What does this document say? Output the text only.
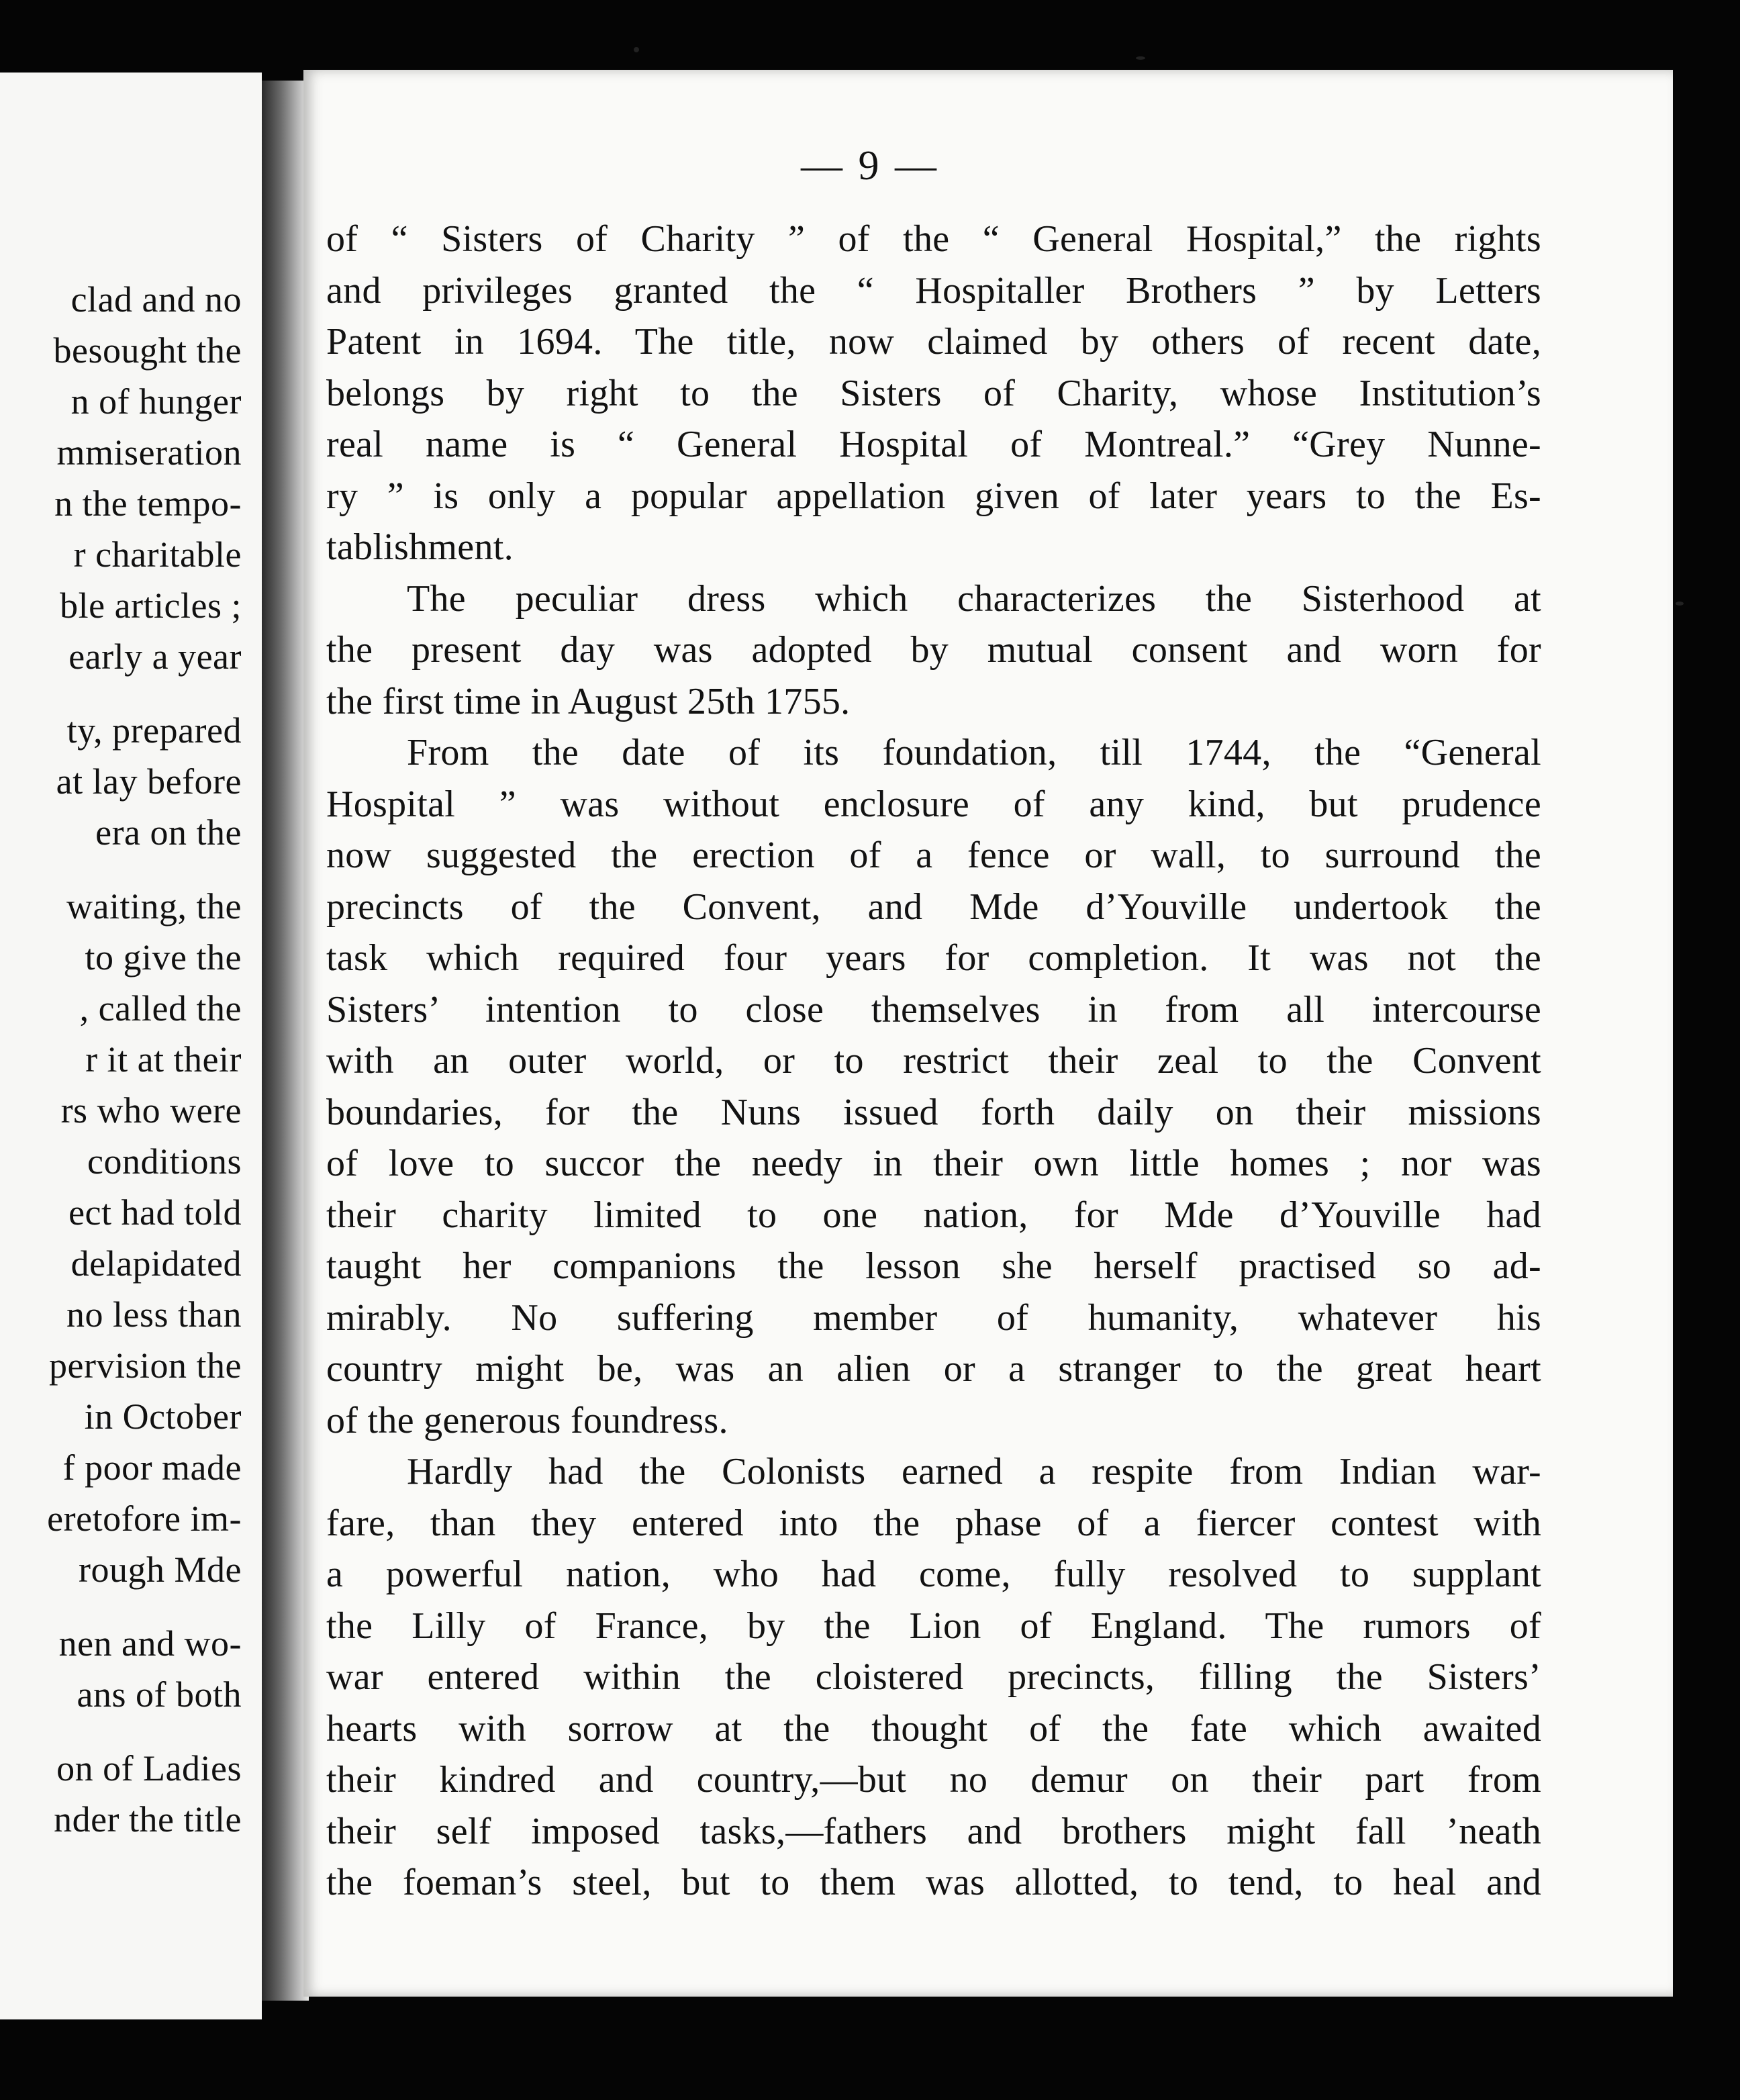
clad and no
besought the
n of hunger
mmiseration
n the tempo-
r charitable
ble articles ;
early a year
ty, prepared
at lay before
era on the
waiting, the
to give the
, called the
r it at their
rs who were
conditions
ect had told
delapidated
no less than
pervision the
in October
f poor made
eretofore im-
rough Mde
nen and wo-
ans of both
on of Ladies
nder the title
— 9 —
of “ Sisters of Charity ” of the “ General Hospital,” the rights
and privileges granted the “ Hospitaller Brothers ” by Letters
Patent in 1694. The title, now claimed by others of recent date,
belongs by right to the Sisters of Charity, whose Institution’s
real name is “ General Hospital of Montreal.” “Grey Nunne-
ry ” is only a popular appellation given of later years to the Es-
tablishment.
The peculiar dress which characterizes the Sisterhood at
the present day was adopted by mutual consent and worn for
the first time in August 25th 1755.
From the date of its foundation, till 1744, the “General
Hospital ” was without enclosure of any kind, but prudence
now suggested the erection of a fence or wall, to surround the
precincts of the Convent, and Mde d’Youville undertook the
task which required four years for completion. It was not the
Sisters’ intention to close themselves in from all intercourse
with an outer world, or to restrict their zeal to the Convent
boundaries, for the Nuns issued forth daily on their missions
of love to succor the needy in their own little homes ; nor was
their charity limited to one nation, for Mde d’Youville had
taught her companions the lesson she herself practised so ad-
mirably. No suffering member of humanity, whatever his
country might be, was an alien or a stranger to the great heart
of the generous foundress.
Hardly had the Colonists earned a respite from Indian war-
fare, than they entered into the phase of a fiercer contest with
a powerful nation, who had come, fully resolved to supplant
the Lilly of France, by the Lion of England. The rumors of
war entered within the cloistered precincts, filling the Sisters’
hearts with sorrow at the thought of the fate which awaited
their kindred and country,—but no demur on their part from
their self imposed tasks,—fathers and brothers might fall ’neath
the foeman’s steel, but to them was allotted, to tend, to heal and
